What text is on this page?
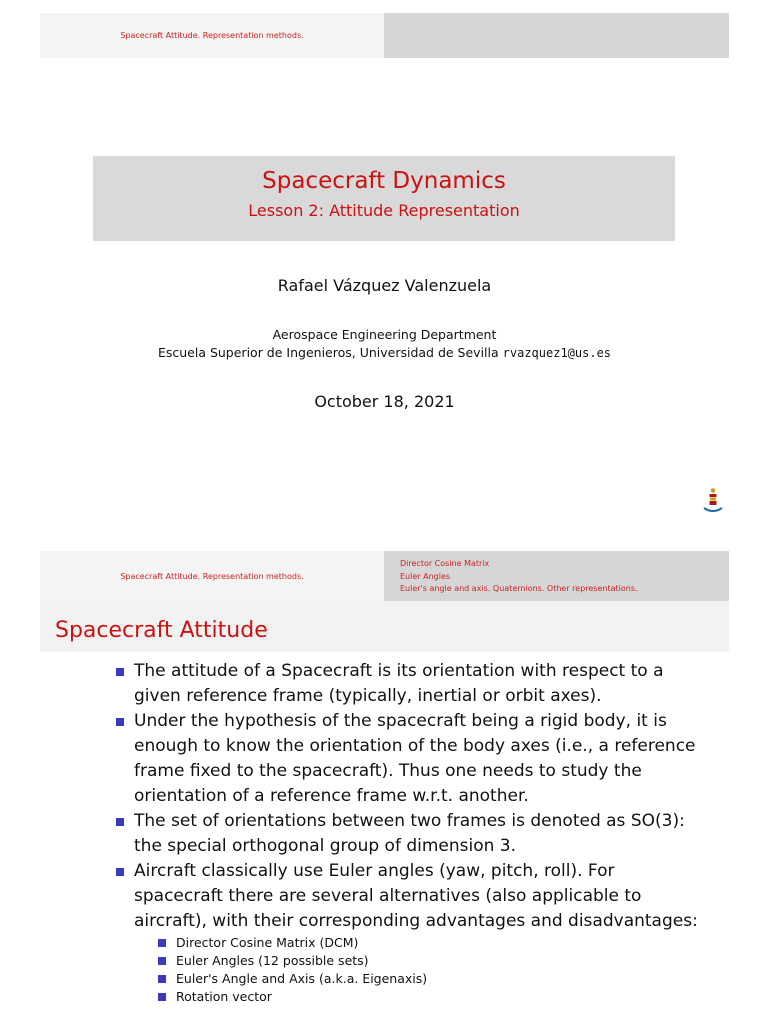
Spacecraft Attitude. Representation methods.
Spacecraft Dynamics
Lesson 2: Attitude Representation
Rafael Vázquez Valenzuela
Aerospace Engineering Department
Escuela Superior de Ingenieros, Universidad de Sevilla rvazquez1@us.es
October 18, 2021
Spacecraft Attitude. Representation methods.
Director Cosine Matrix
Euler Angles
Euler's angle and axis. Quaternions. Other representations.
Spacecraft Attitude
The attitude of a Spacecraft is its orientation with respect to a given reference frame (typically, inertial or orbit axes).
Under the hypothesis of the spacecraft being a rigid body, it is enough to know the orientation of the body axes (i.e., a reference frame fixed to the spacecraft). Thus one needs to study the orientation of a reference frame w.r.t. another.
The set of orientations between two frames is denoted as SO(3): the special orthogonal group of dimension 3.
Aircraft classically use Euler angles (yaw, pitch, roll). For spacecraft there are several alternatives (also applicable to aircraft), with their corresponding advantages and disadvantages:
Director Cosine Matrix (DCM)
Euler Angles (12 possible sets)
Euler's Angle and Axis (a.k.a. Eigenaxis)
Rotation vector
